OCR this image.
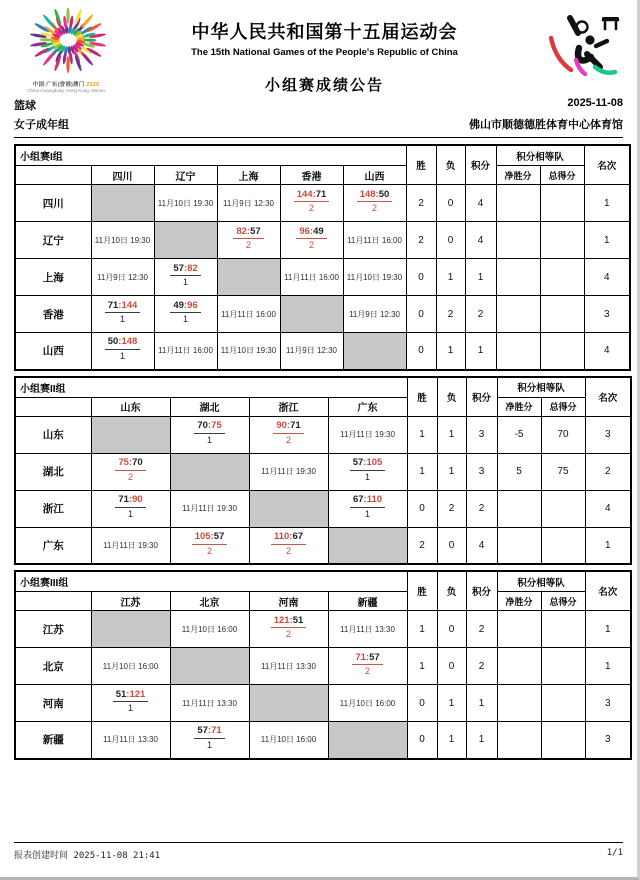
中国·广东(香港)澳门 2025
China Guangdong, Hong Kong, Macao
中华人民共和国第十五届运动会
The 15th National Games of the People's Republic of China
小组赛成绩公告
篮球	2025-11-08
女子成年组	佛山市顺德德胜体育中心体育馆
小组赛I组						胜	负	积分	积分相等队		名次
	四川	辽宁	上海	香港	山西				净胜分	总得分	
四川		11月10日 19:30	11月9日 12:30	$\frac{144:71}{2}$	$\frac{148:50}{2}$	2	0	4			1
辽宁	11月10日 19:30		$\frac{82:57}{2}$	$\frac{96:49}{2}$	11月11日 16:00	2	0	4			1
上海	11月9日 12:30	$\frac{57:82}{1}$		11月11日 16:00	11月10日 19:30	0	1	1			4
香港	$\frac{71:144}{1}$	$\frac{49:96}{1}$	11月11日 16:00		11月9日 12:30	0	2	2			3
山西	$\frac{50:148}{1}$	11月11日 16:00	11月10日 19:30	11月9日 12:30		0	1	1			4
小组赛II组					胜	负	积分	积分相等队		名次
	山东	湖北	浙江	广东				净胜分	总得分	
山东		$\frac{70:75}{1}$	$\frac{90:71}{2}$	11月11日 19:30	1	1	3	-5	70	3
湖北	$\frac{75:70}{2}$		11月11日 19:30	$\frac{57:105}{1}$	1	1	3	5	75	2
浙江	$\frac{71:90}{1}$	11月11日 19:30		$\frac{67:110}{1}$	0	2	2			4
广东	11月11日 19:30	$\frac{105:57}{2}$	$\frac{110:67}{2}$		2	0	4			1
小组赛III组					胜	负	积分	积分相等队		名次
	江苏	北京	河南	新疆				净胜分	总得分	
江苏		11月10日 16:00	$\frac{121:51}{2}$	11月11日 13:30	1	0	2			1
北京	11月10日 16:00		11月11日 13:30	$\frac{71:57}{2}$	1	0	2			1
河南	$\frac{51:121}{1}$	11月11日 13:30		11月10日 16:00	0	1	1			3
新疆	11月11日 13:30	$\frac{57:71}{1}$	11月10日 16:00		0	1	1			3
报表创建时间 2025-11-08 21:41	1/1
